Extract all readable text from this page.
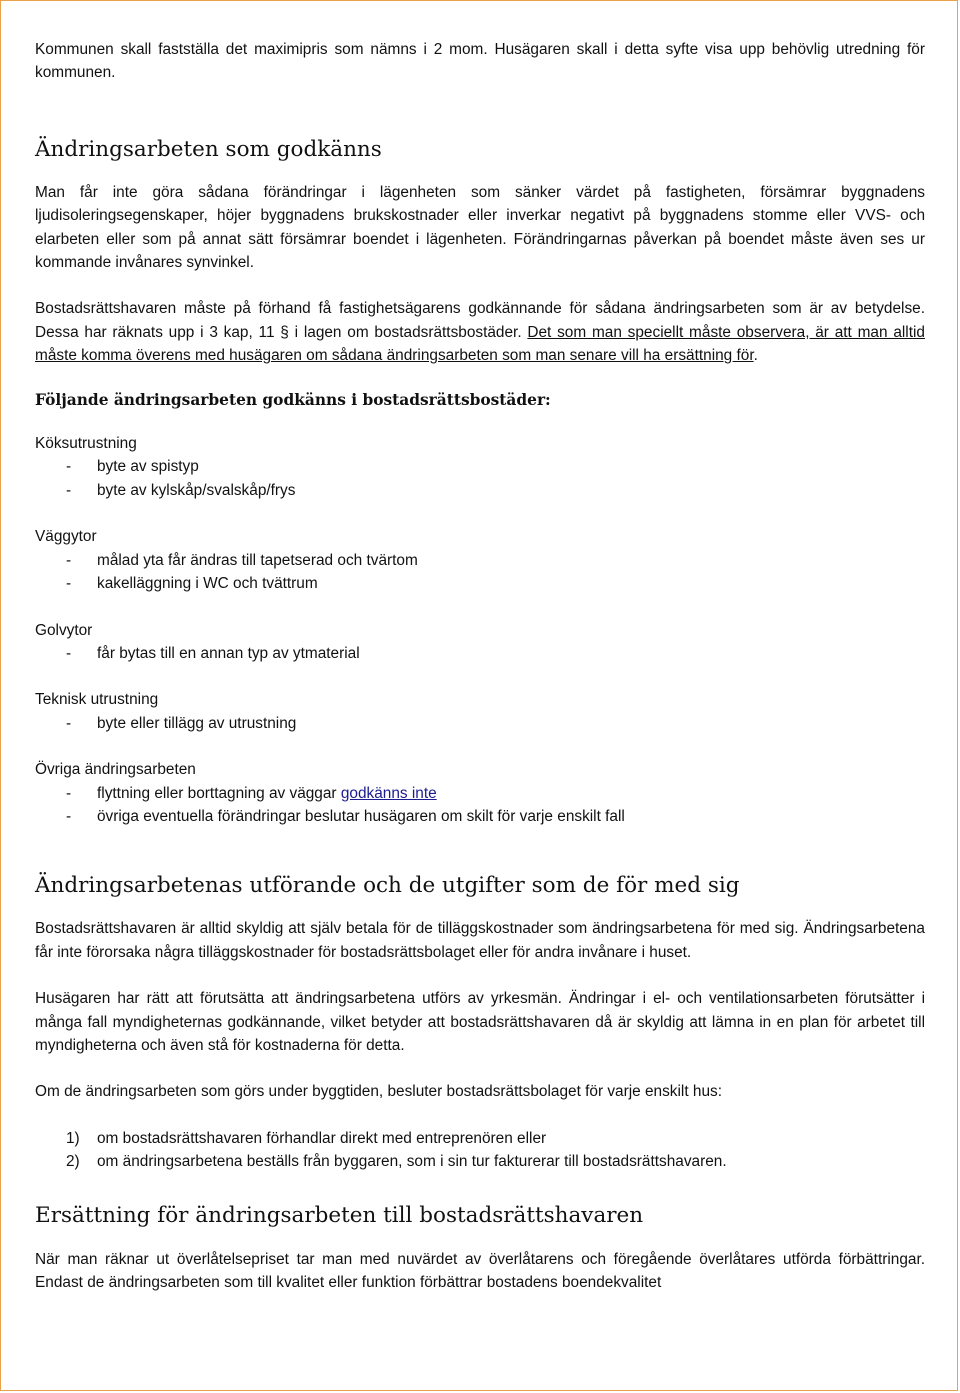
Kommunen skall fastställa det maximipris som nämns i 2 mom. Husägaren skall i detta syfte visa upp behövlig utredning för kommunen.

Ändringsarbeten som godkänns

Man får inte göra sådana förändringar i lägenheten som sänker värdet på fastigheten, försämrar byggnadens ljudisoleringsegenskaper, höjer byggnadens brukskostnader eller inverkar negativt på byggnadens stomme eller VVS- och elarbeten eller som på annat sätt försämrar boendet i lägenheten. Förändringarnas påverkan på boendet måste även ses ur kommande invånares synvinkel.

Bostadsrättshavaren måste på förhand få fastighetsägarens godkännande för sådana ändringsarbeten som är av betydelse. Dessa har räknats upp i 3 kap, 11 § i lagen om bostadsrättsbostäder. Det som man speciellt måste observera, är att man alltid måste komma överens med husägaren om sådana ändringsarbeten som man senare vill ha ersättning för.

Följande ändringsarbeten godkänns i bostadsrättsbostäder:
Köksutrustning
- byte av spistyp
- byte av kylskåp/svalskåp/frys
Väggytor
- målad yta får ändras till tapetserad och tvärtom
- kakelläggning i WC och tvättrum
Golvytor
- får bytas till en annan typ av ytmaterial
Teknisk utrustning
- byte eller tillägg av utrustning
Övriga ändringsarbeten
- flyttning eller borttagning av väggar godkänns inte
- övriga eventuella förändringar beslutar husägaren om skilt för varje enskilt fall
Ändringsarbetenas utförande och de utgifter som de för med sig

Bostadsrättshavaren är alltid skyldig att själv betala för de tilläggskostnader som ändringsarbetena för med sig. Ändringsarbetena får inte förorsaka några tilläggskostnader för bostadsrättsbolaget eller för andra invånare i huset.

Husägaren har rätt att förutsätta att ändringsarbetena utförs av yrkesmän. Ändringar i el- och ventilationsarbeten förutsätter i många fall myndigheternas godkännande, vilket betyder att bostadsrättshavaren då är skyldig att lämna in en plan för arbetet till myndigheterna och även stå för kostnaderna för detta.

Om de ändringsarbeten som görs under byggtiden, besluter bostadsrättsbolaget för varje enskilt hus:

1) om bostadsrättshavaren förhandlar direkt med entreprenören eller
2) om ändringsarbetena beställs från byggaren, som i sin tur fakturerar till bostadsrättshavaren.
Ersättning för ändringsarbeten till bostadsrättshavaren

När man räknar ut överlåtelsepriset tar man med nuvärdet av överlåtarens och föregående överlåtares utförda förbättringar. Endast de ändringsarbeten som till kvalitet eller funktion förbättrar bostadens boendekvalitet
